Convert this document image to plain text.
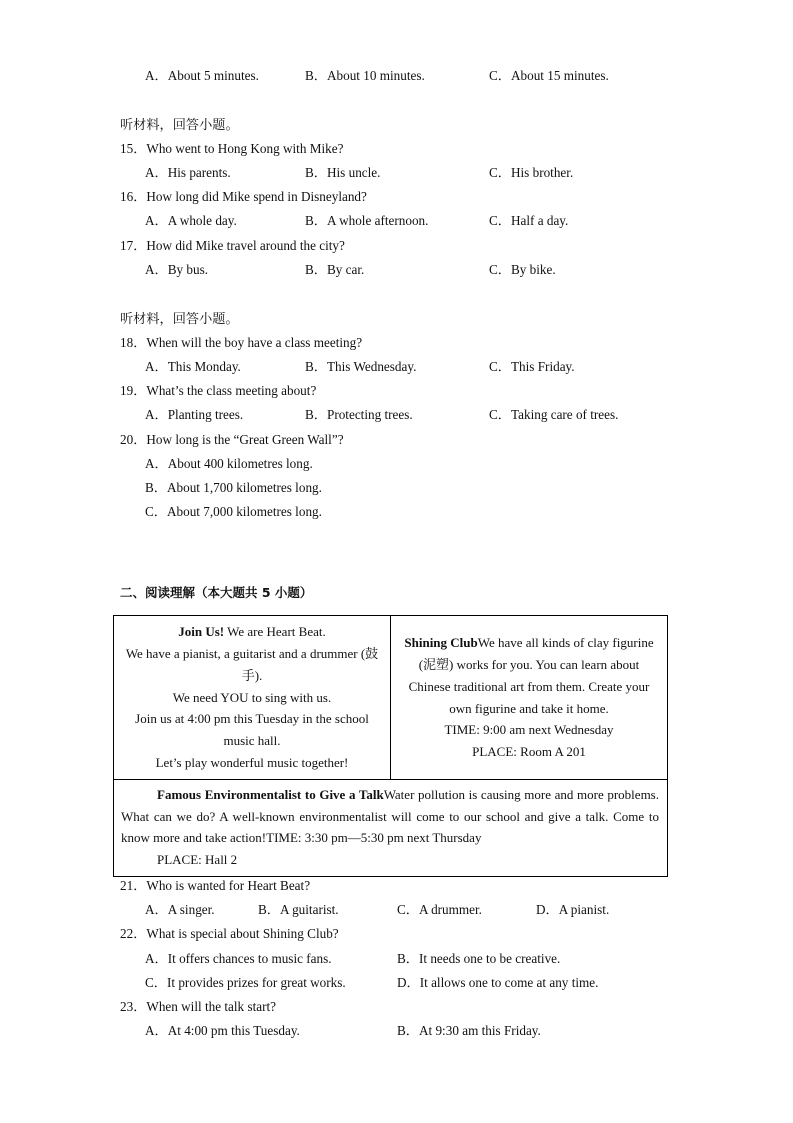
A．About 5 minutes.	B．About 10 minutes.	C．About 15 minutes.
听材料，回答小题。
15．Who went to Hong Kong with Mike?
A．His parents.	B．His uncle.	C．His brother.
16．How long did Mike spend in Disneyland?
A．A whole day.	B．A whole afternoon.	C．Half a day.
17．How did Mike travel around the city?
A．By bus.	B．By car.	C．By bike.
听材料，回答小题。
18．When will the boy have a class meeting?
A．This Monday.	B．This Wednesday.	C．This Friday.
19．What’s the class meeting about?
A．Planting trees.	B．Protecting trees.	C．Taking care of trees.
20．How long is the “Great Green Wall”?
A．About 400 kilometres long.
B．About 1,700 kilometres long.
C．About 7,000 kilometres long.
二、阅读理解（本大题共 5 小题）
Join Us! We are Heart Beat.
We have a pianist, a guitarist and a drummer (鼓手).
We need YOU to sing with us.
Join us at 4:00 pm this Tuesday in the school music hall.
Let’s play wonderful music together!

Shining ClubWe have all kinds of clay figurine (泥塑) works for you. You can learn about Chinese traditional art from them. Create your own figurine and take it home.
TIME: 9:00 am next Wednesday
PLACE: Room A 201

Famous Environmentalist to Give a TalkWater pollution is causing more and more problems. What can we do? A well-known environmentalist will come to our school and give a talk. Come to know more and take action!TIME: 3:30 pm—5:30 pm next Thursday
PLACE: Hall 2
21．Who is wanted for Heart Beat?
A．A singer.	B．A guitarist.	C．A drummer.	D．A pianist.
22．What is special about Shining Club?
A．It offers chances to music fans.	B．It needs one to be creative.
C．It provides prizes for great works.	D．It allows one to come at any time.
23．When will the talk start?
A．At 4:00 pm this Tuesday.	B．At 9:30 am this Friday.
